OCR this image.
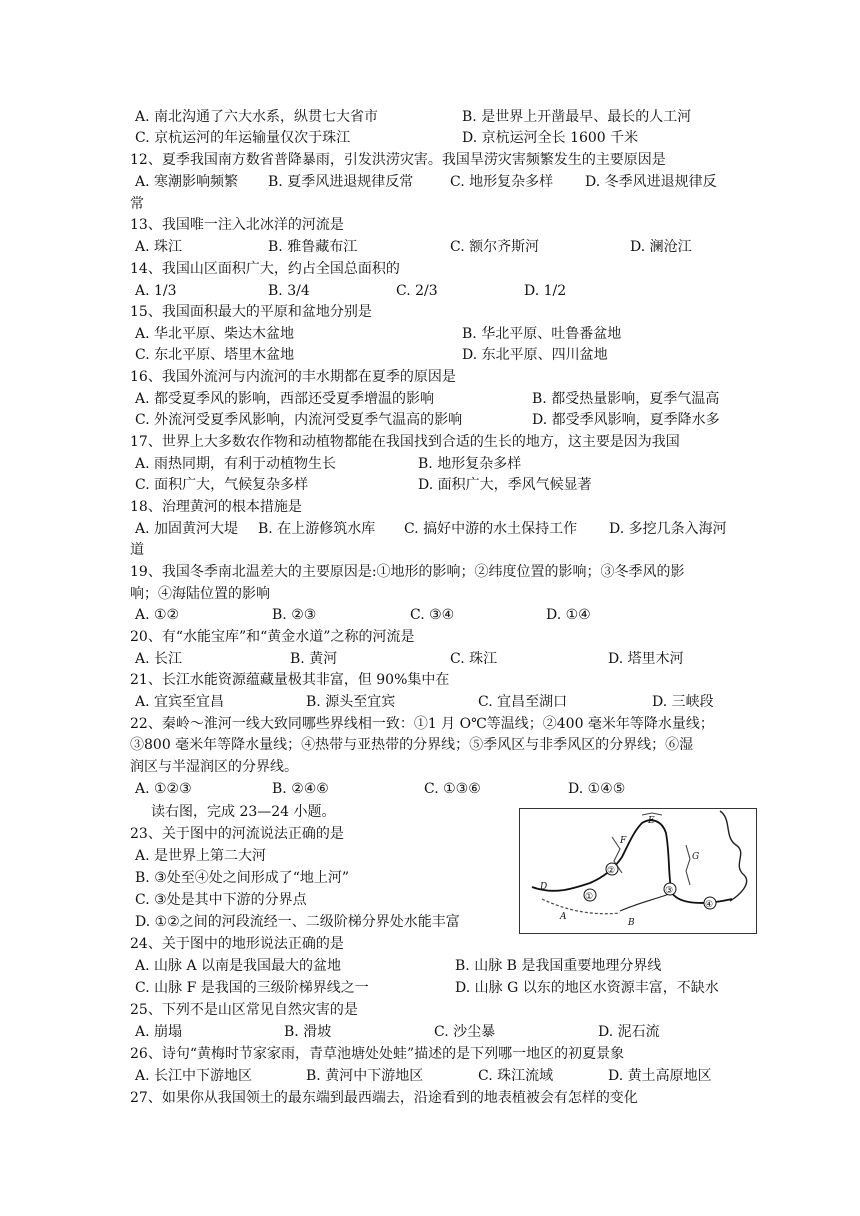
A. 南北沟通了六大水系，纵贯七大省市	B. 是世界上开凿最早、最长的人工河
C. 京杭运河的年运输量仅次于珠江	D. 京杭运河全长 1600 千米
12、夏季我国南方数省普降暴雨，引发洪涝灾害。我国旱涝灾害频繁发生的主要原因是
A. 寒潮影响频繁 B. 夏季风进退规律反常	C. 地形复杂多样 D. 冬季风进退规律反
常
13、我国唯一注入北冰洋的河流是
A. 珠江	B. 雅鲁藏布江	C. 额尔齐斯河	D. 澜沧江
14、我国山区面积广大，约占全国总面积的
A. 1/3	B. 3/4	C. 2/3	D. 1/2
15、我国面积最大的平原和盆地分别是
A. 华北平原、柴达木盆地	B. 华北平原、吐鲁番盆地
C. 东北平原、塔里木盆地	D. 东北平原、四川盆地
16、我国外流河与内流河的丰水期都在夏季的原因是
A. 都受夏季风的影响，西部还受夏季增温的影响	B. 都受热量影响，夏季气温高
C. 外流河受夏季风影响，内流河受夏季气温高的影响	D. 都受季风影响，夏季降水多
17、世界上大多数农作物和动植物都能在我国找到合适的生长的地方，这主要是因为我国
A. 雨热同期，有利于动植物生长	B. 地形复杂多样
C. 面积广大，气候复杂多样	D. 面积广大，季风气候显著
18、治理黄河的根本措施是
A. 加固黄河大堤 B. 在上游修筑水库 C. 搞好中游的水土保持工作 D. 多挖几条入海河
道
19、我国冬季南北温差大的主要原因是:①地形的影响；②纬度位置的影响；③冬季风的影
响；④海陆位置的影响
A. ①②	B. ②③	C. ③④	D. ①④
20、有“水能宝库”和“黄金水道”之称的河流是
A. 长江	B. 黄河	C. 珠江	D. 塔里木河
21、长江水能资源蕴藏量极其非富，但 90%集中在
A. 宜宾至宜昌	B. 源头至宜宾	C. 宜昌至湖口	D. 三峡段
22、秦岭～淮河一线大致同哪些界线相一致：①1 月 O℃等温线；②400 毫米年等降水量线；
③800 毫米年等降水量线；④热带与亚热带的分界线；⑤季风区与非季风区的分界线；⑥湿
润区与半湿润区的分界线。
A. ①②③	B. ②④⑥	C. ①③⑥	D. ①④⑤
读右图，完成 23—24 小题。
23、关于图中的河流说法正确的是
A. 是世界上第二大河
B. ③处至④处之间形成了“地上河”
C. ③处是其中下游的分界点
D. ①②之间的河段流经一、二级阶梯分界处水能丰富
①
②
③
④
E
F
G
D
A
B
24、关于图中的地形说法正确的是
A. 山脉 A 以南是我国最大的盆地	B. 山脉 B 是我国重要地理分界线
C. 山脉 F 是我国的三级阶梯界线之一	D. 山脉 G 以东的地区水资源丰富，不缺水
25、下列不是山区常见自然灾害的是
A. 崩塌	B. 滑坡	C. 沙尘暴	D. 泥石流
26、诗句“黄梅时节家家雨，青草池塘处处蛙”描述的是下列哪一地区的初夏景象
A. 长江中下游地区	B. 黄河中下游地区	C. 珠江流域	D. 黄土高原地区
27、如果你从我国领土的最东端到最西端去，沿途看到的地表植被会有怎样的变化
